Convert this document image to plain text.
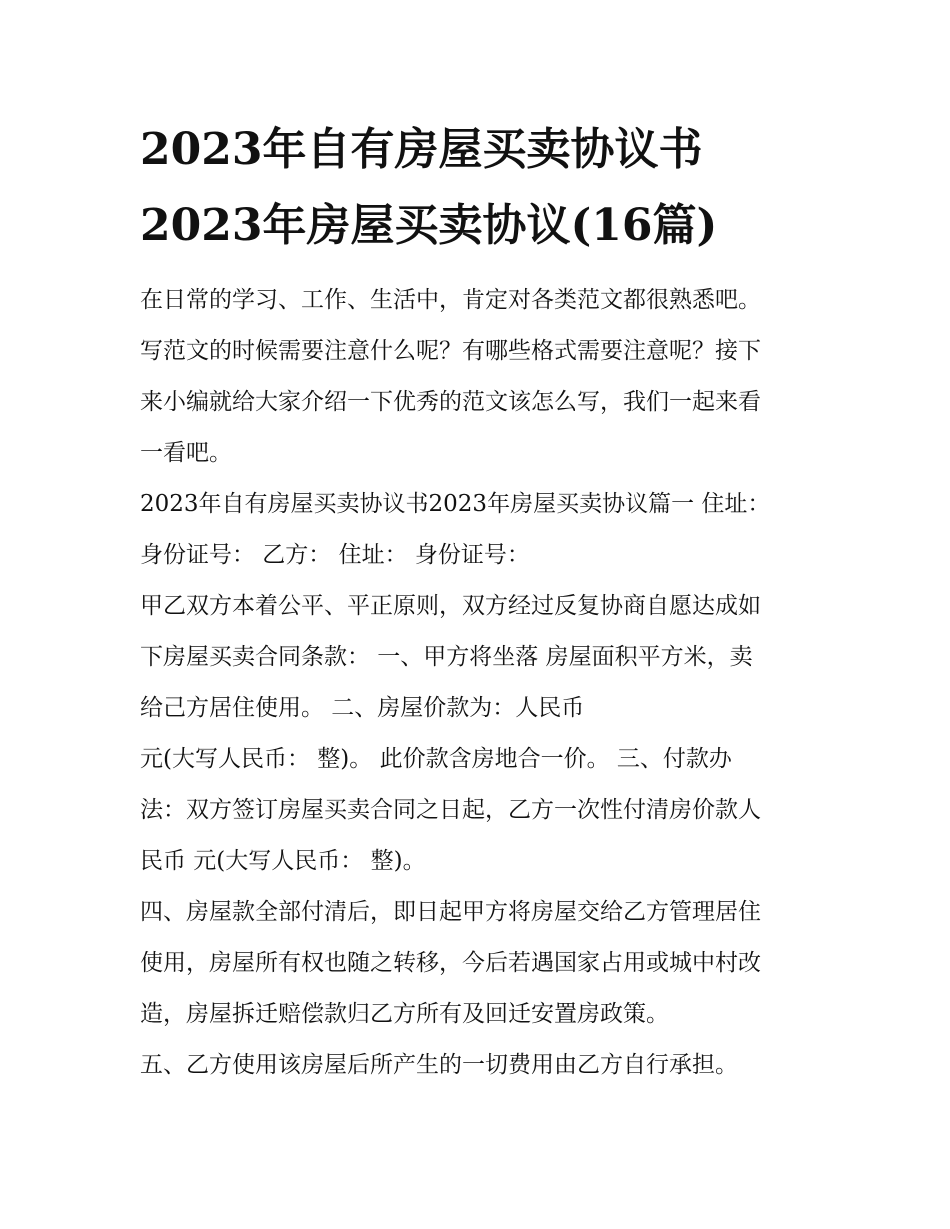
2023年自有房屋买卖协议书
2023年房屋买卖协议(16篇)
在日常的学习、工作、生活中，肯定对各类范文都很熟悉吧。
写范文的时候需要注意什么呢？有哪些格式需要注意呢？接下
来小编就给大家介绍一下优秀的范文该怎么写，我们一起来看
一看吧。
2023年自有房屋买卖协议书2023年房屋买卖协议篇一 住址：
身份证号： 乙方： 住址： 身份证号：
甲乙双方本着公平、平正原则，双方经过反复协商自愿达成如
下房屋买卖合同条款： 一、甲方将坐落 房屋面积平方米，卖
给己方居住使用。 二、房屋价款为：人民币
元(大写人民币： 整)。 此价款含房地合一价。 三、付款办
法：双方签订房屋买卖合同之日起，乙方一次性付清房价款人
民币 元(大写人民币： 整)。
四、房屋款全部付清后，即日起甲方将房屋交给乙方管理居住
使用，房屋所有权也随之转移，今后若遇国家占用或城中村改
造，房屋拆迁赔偿款归乙方所有及回迁安置房政策。
五、乙方使用该房屋后所产生的一切费用由乙方自行承担。
